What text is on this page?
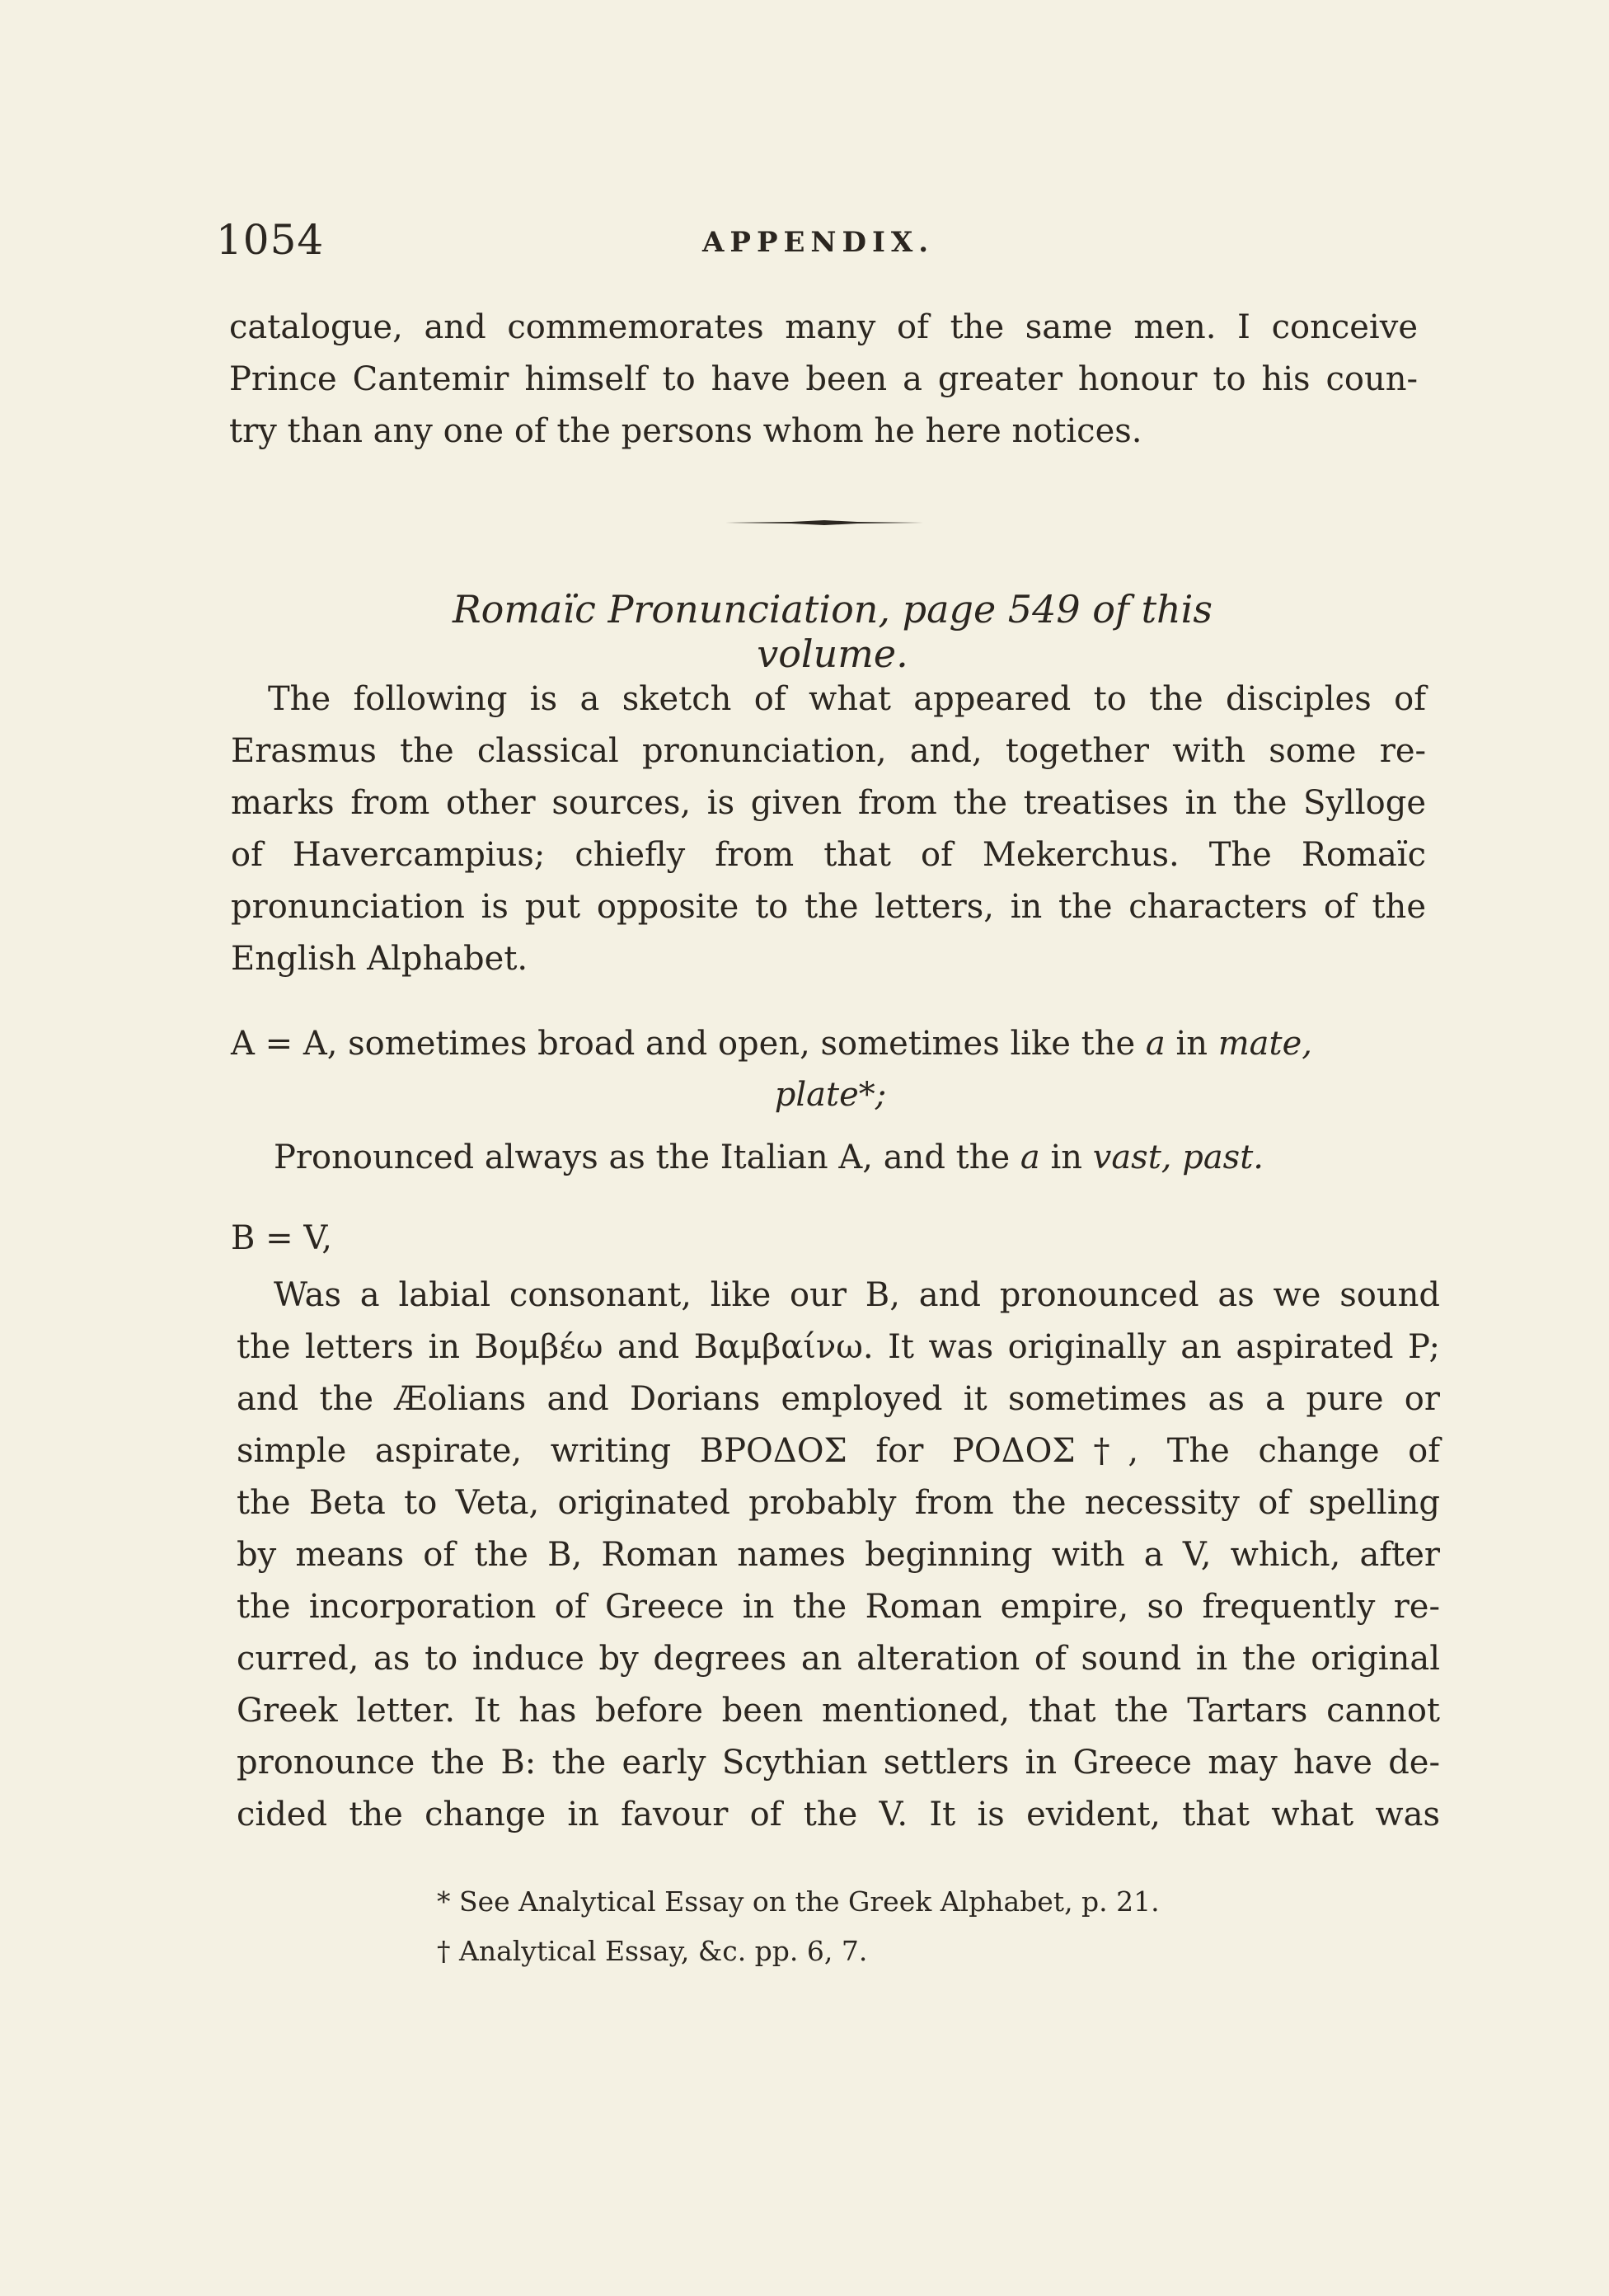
1054	APPENDIX.
catalogue, and commemorates many of the same men. I conceive
Prince Cantemir himself to have been a greater honour to his coun-
try than any one of the persons whom he here notices.
Romaïc Pronunciation, page 549 of this volume.
The following is a sketch of what appeared to the disciples of
Erasmus the classical pronunciation, and, together with some re-
marks from other sources, is given from the treatises in the Sylloge
of Havercampius; chiefly from that of Mekerchus. The Romaïc
pronunciation is put opposite to the letters, in the characters of the
English Alphabet.
A = A, sometimes broad and open, sometimes like the a in mate,
plate*;
Pronounced always as the Italian A, and the a in vast, past.
B = V,
Was a labial consonant, like our B, and pronounced as we sound
the letters in Βομβέω and Βαμβαίνω. It was originally an aspirated P;
and the Æolians and Dorians employed it sometimes as a pure or
simple aspirate, writing ΒΡΟΔΟΣ for ΡΟΔΟΣ†, The change of
the Beta to Veta, originated probably from the necessity of spelling
by means of the B, Roman names beginning with a V, which, after
the incorporation of Greece in the Roman empire, so frequently re-
curred, as to induce by degrees an alteration of sound in the original
Greek letter. It has before been mentioned, that the Tartars cannot
pronounce the B: the early Scythian settlers in Greece may have de-
cided the change in favour of the V. It is evident, that what was
* See Analytical Essay on the Greek Alphabet, p. 21.
† Analytical Essay, &c. pp. 6, 7.
